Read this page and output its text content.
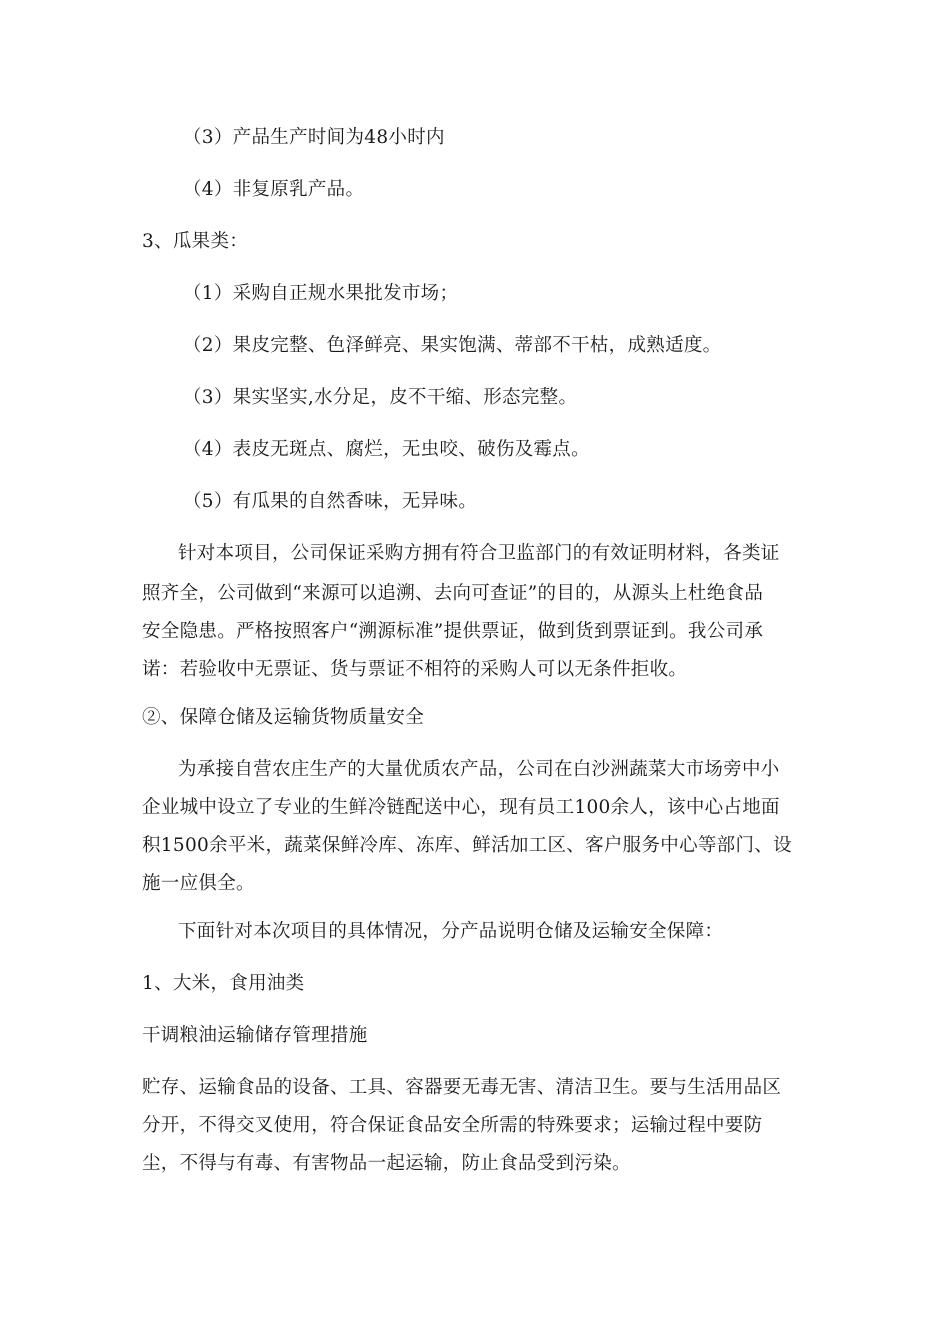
（3）产品生产时间为48小时内
（4）非复原乳产品。
3、瓜果类：
（1）采购自正规水果批发市场；
（2）果皮完整、色泽鲜亮、果实饱满、蒂部不干枯，成熟适度。
（3）果实坚实,水分足，皮不干缩、形态完整。
（4）表皮无斑点、腐烂，无虫咬、破伤及霉点。
（5）有瓜果的自然香味，无异味。
针对本项目，公司保证采购方拥有符合卫监部门的有效证明材料，各类证
照齐全，公司做到“来源可以追溯、去向可查证”的目的，从源头上杜绝食品
安全隐患。严格按照客户“溯源标准”提供票证，做到货到票证到。我公司承
诺：若验收中无票证、货与票证不相符的采购人可以无条件拒收。
②、保障仓储及运输货物质量安全
为承接自营农庄生产的大量优质农产品，公司在白沙洲蔬菜大市场旁中小
企业城中设立了专业的生鲜冷链配送中心，现有员工100余人，该中心占地面
积1500余平米，蔬菜保鲜冷库、冻库、鲜活加工区、客户服务中心等部门、设
施一应俱全。
下面针对本次项目的具体情况，分产品说明仓储及运输安全保障：
1、大米，食用油类
干调粮油运输储存管理措施
贮存、运输食品的设备、工具、容器要无毒无害、清洁卫生。要与生活用品区
分开，不得交叉使用，符合保证食品安全所需的特殊要求；运输过程中要防
尘，不得与有毒、有害物品一起运输，防止食品受到污染。
